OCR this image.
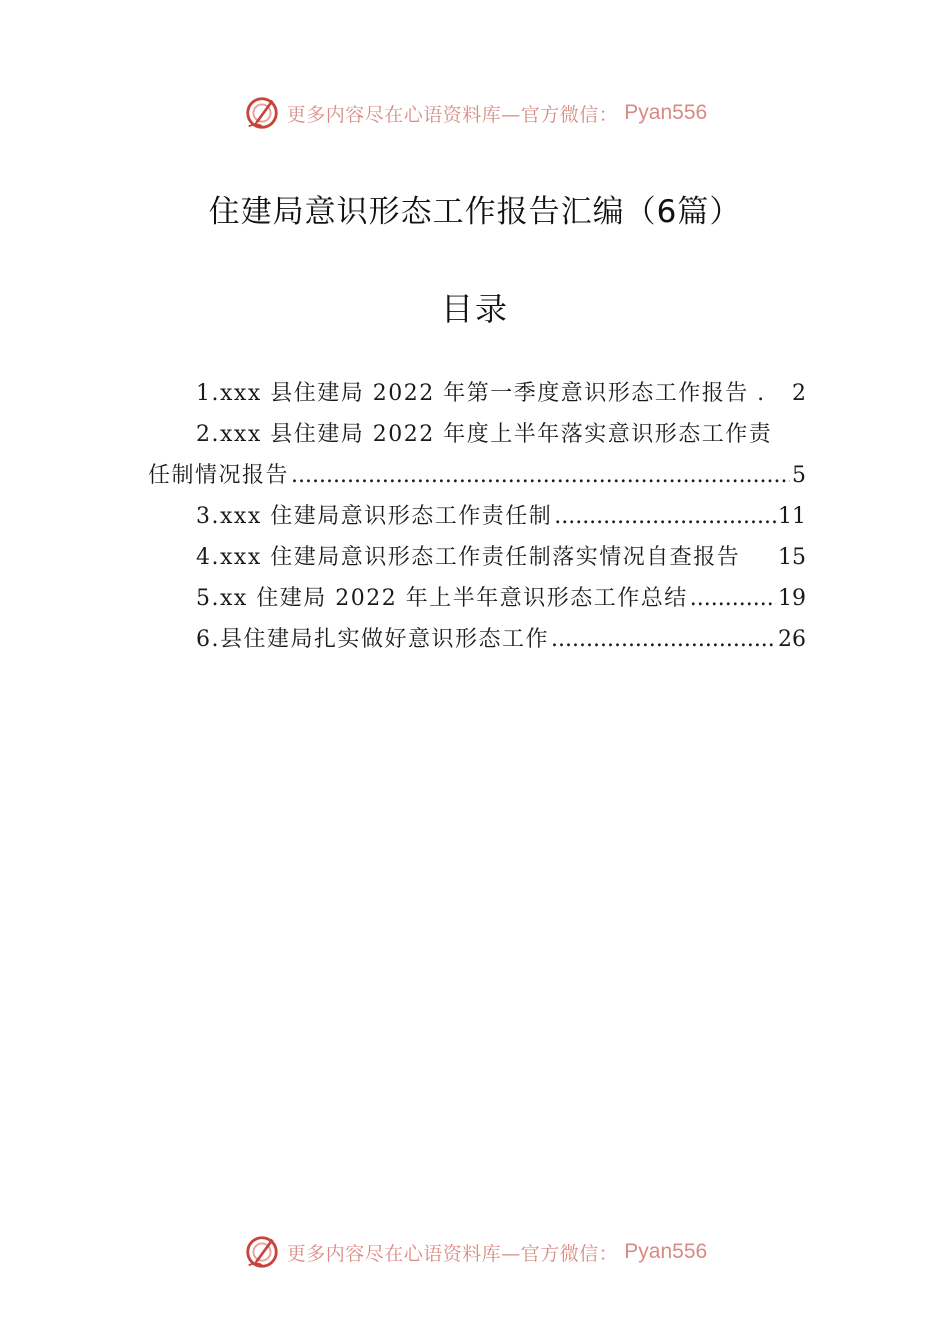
更多内容尽在心语资料库—官方微信： Pyan556
住建局意识形态工作报告汇编（6篇）
目录
1. xxx 县住建局 2022 年第一季度意识形态工作报告 . 2
2. xxx 县住建局 2022 年度上半年落实意识形态工作责
任制情况报告 .....	5
3. xxx 住建局意识形态工作责任制 .....	11
4. xxx 住建局意识形态工作责任制落实情况自查报告 15
5. xx 住建局 2022 年上半年意识形态工作总结 .....	19
6. 县住建局扎实做好意识形态工作 .....	26
更多内容尽在心语资料库—官方微信： Pyan556
